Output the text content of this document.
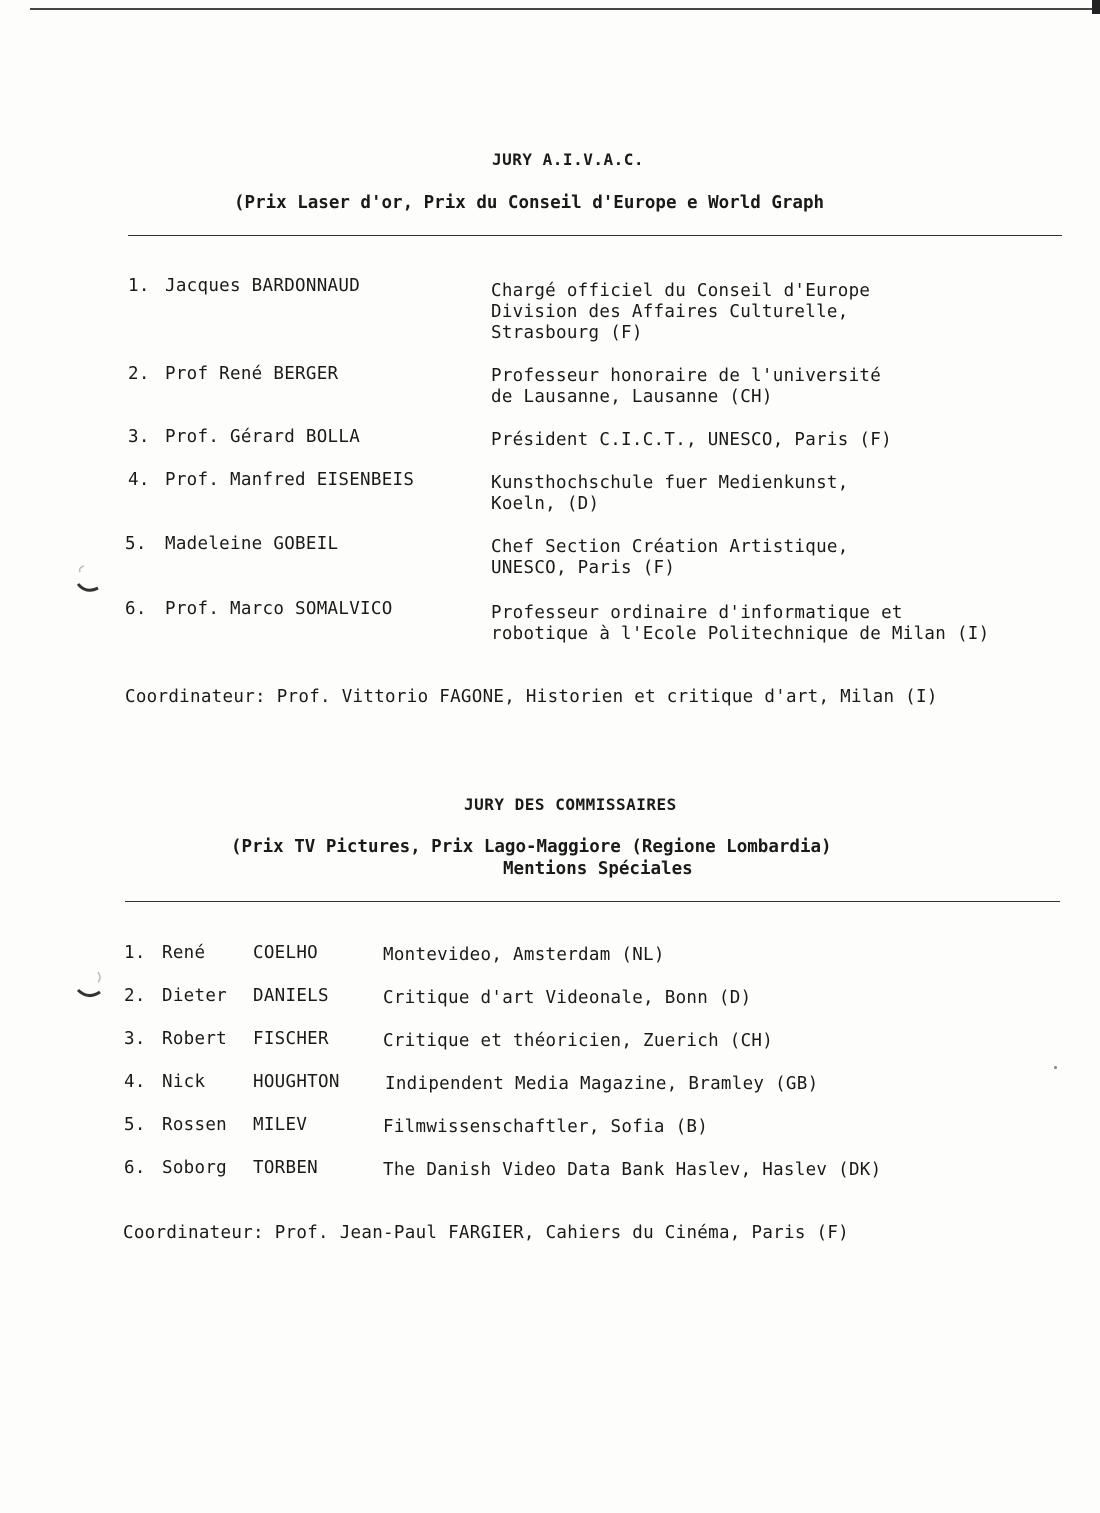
JURY A.I.V.A.C.
(Prix Laser d'or, Prix du Conseil d'Europe e World Graph
1. Jacques BARDONNAUD	Chargé officiel du Conseil d'Europe
Division des Affaires Culturelle,
Strasbourg (F)
2. Prof René BERGER	Professeur honoraire de l'université
de Lausanne, Lausanne (CH)
3. Prof. Gérard BOLLA	Président C.I.C.T., UNESCO, Paris (F)
4. Prof. Manfred EISENBEIS	Kunsthochschule fuer Medienkunst,
Koeln, (D)
5. Madeleine GOBEIL	Chef Section Création Artistique,
UNESCO, Paris (F)
6. Prof. Marco SOMALVICO	Professeur ordinaire d'informatique et
robotique à l'Ecole Politechnique de Milan (I)
Coordinateur: Prof. Vittorio FAGONE, Historien et critique d'art, Milan (I)
JURY DES COMMISSAIRES
(Prix TV Pictures, Prix Lago-Maggiore (Regione Lombardia)
Mentions Spéciales
1. René	COELHO	Montevideo, Amsterdam (NL)
2. Dieter DANIELS	Critique d'art Videonale, Bonn (D)
3. Robert FISCHER	Critique et théoricien, Zuerich (CH)
4. Nick	HOUGHTON	Indipendent Media Magazine, Bramley (GB)
5. Rossen MILEV	Filmwissenschaftler, Sofia (B)
6. Soborg TORBEN	The Danish Video Data Bank Haslev, Haslev (DK)
Coordinateur: Prof. Jean-Paul FARGIER, Cahiers du Cinéma, Paris (F)
